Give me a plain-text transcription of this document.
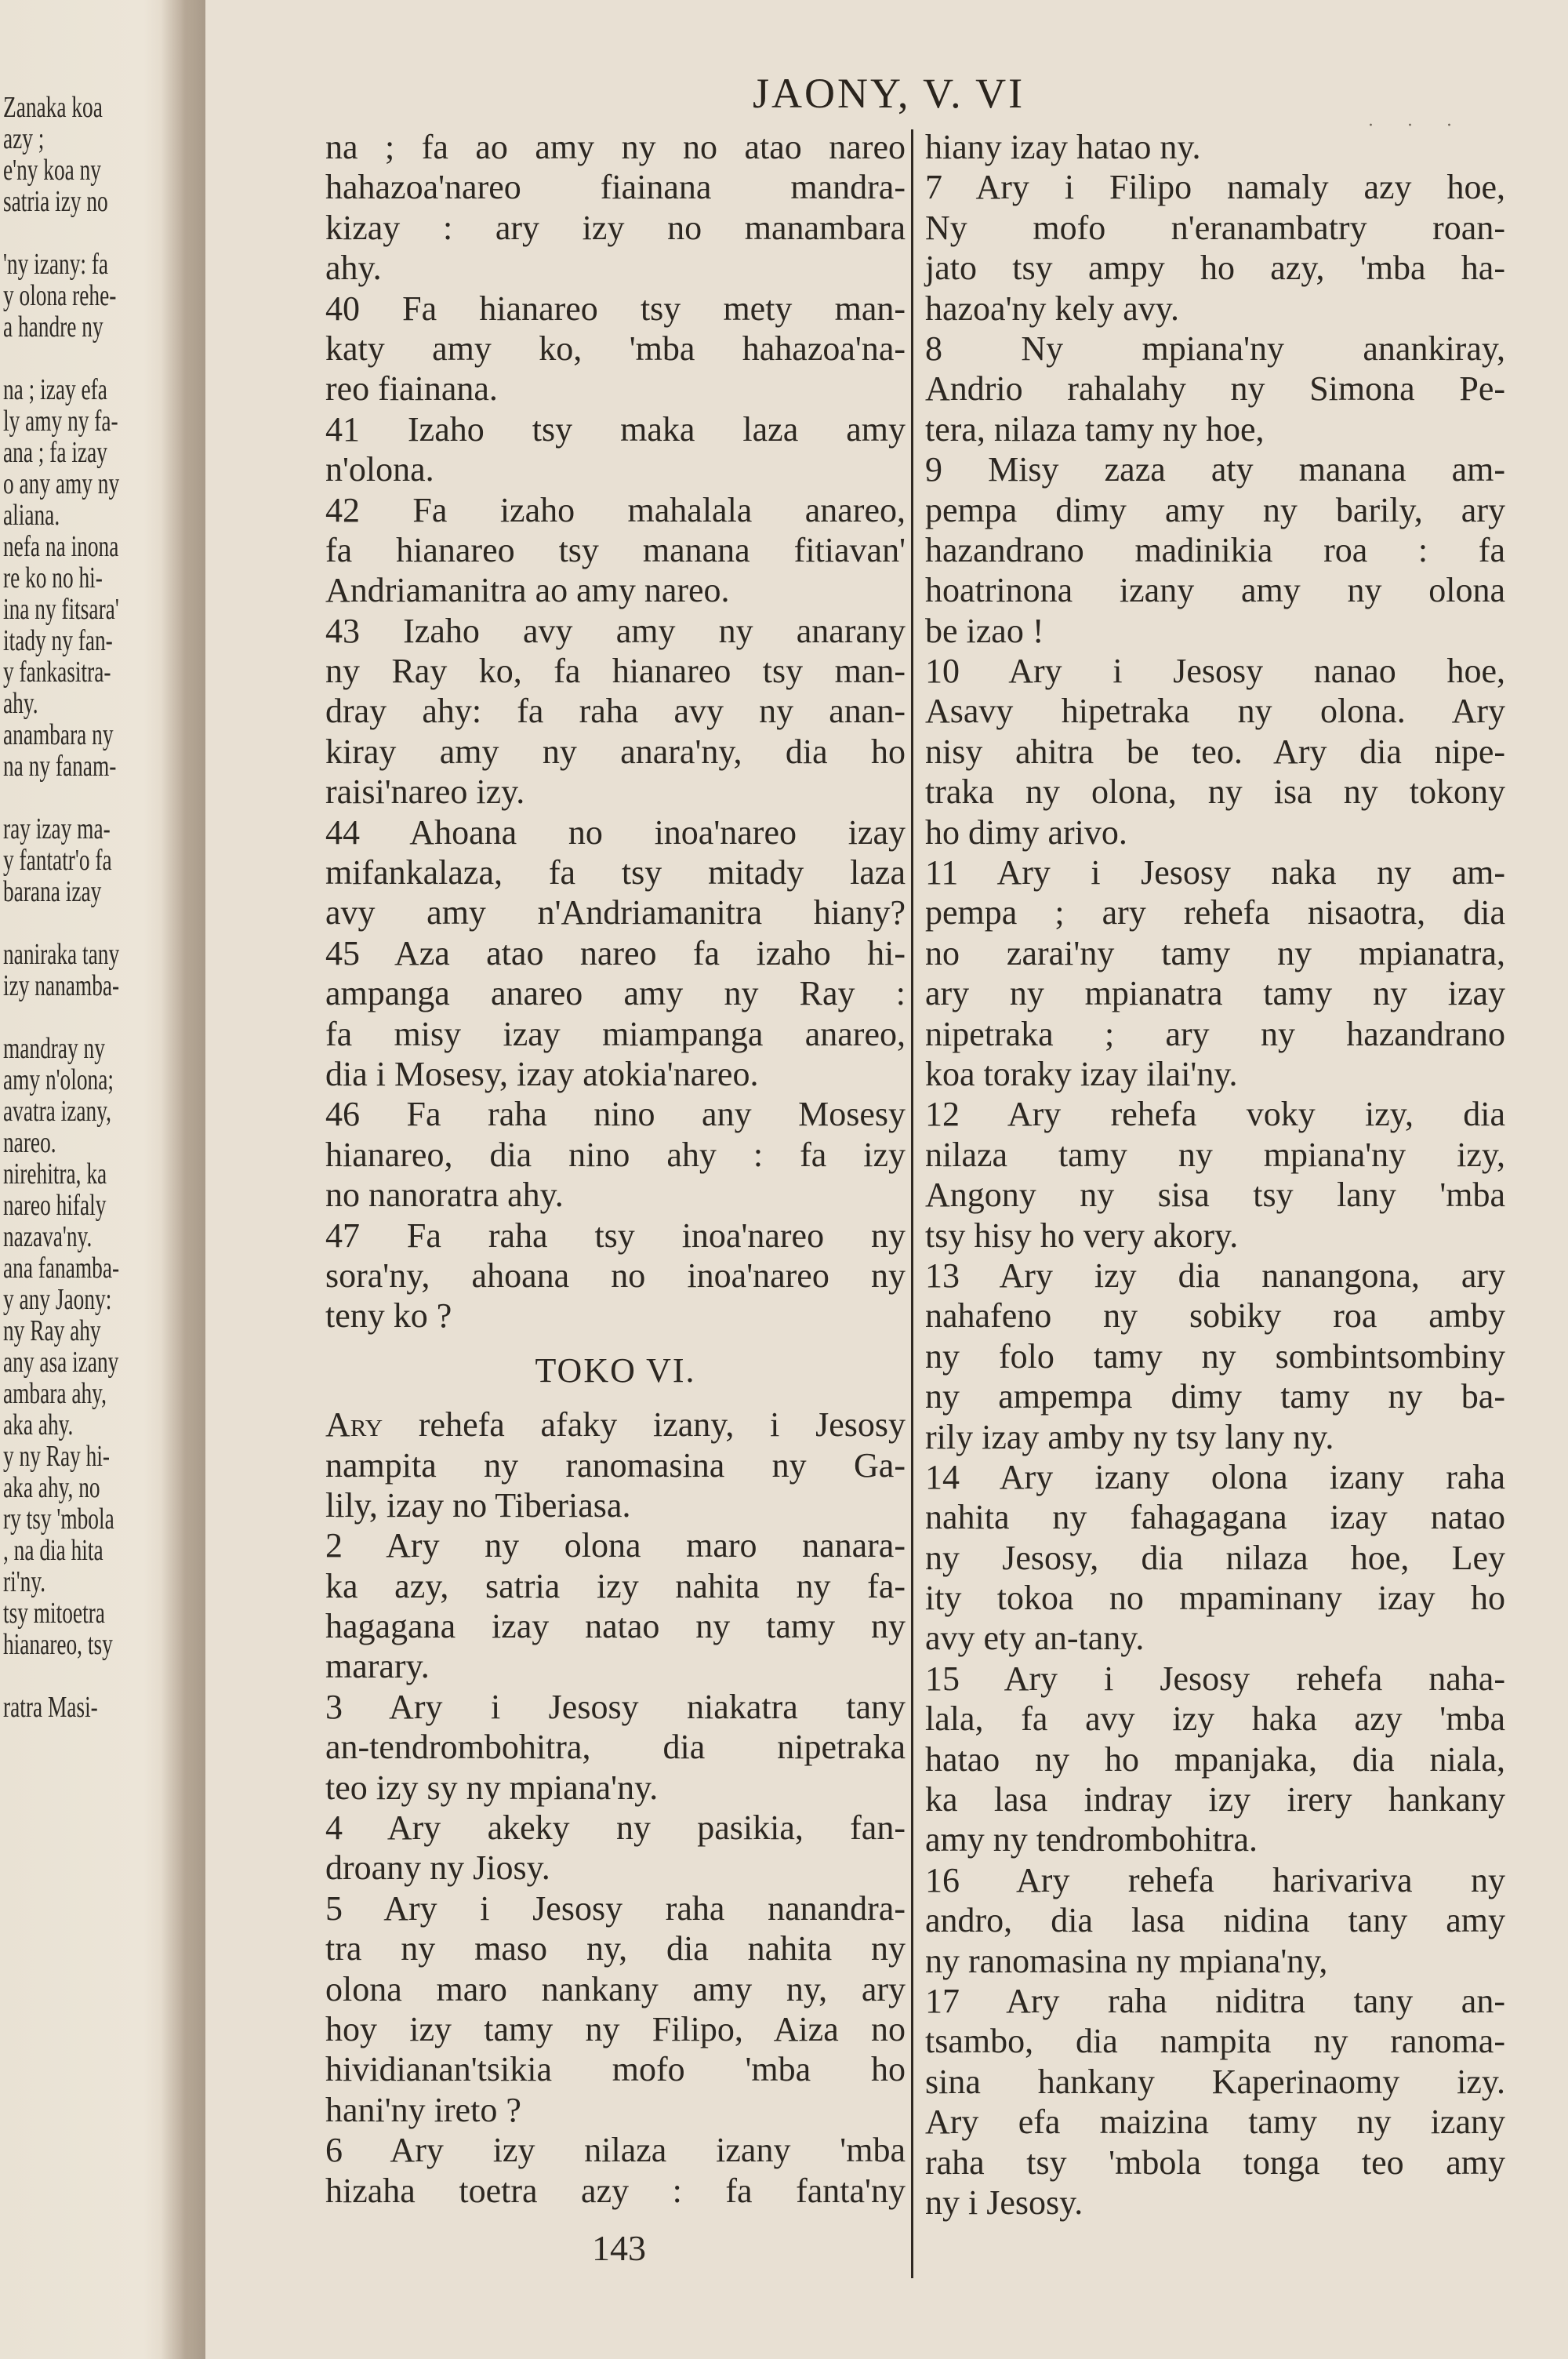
Zanaka koa
azy ;
e'ny koa ny
satria izy no
'ny izany: fa
y olona rehe-
a handre ny
na ; izay efa
ly amy ny fa-
ana ; fa izay
o any amy ny
aliana.
nefa na inona
re ko no hi-
ina ny fitsara'
itady ny fan-
y fankasitra-
ahy.
anambara ny
na ny fanam-
ray izay ma-
y fantatr'o fa
barana izay
naniraka tany
izy nanamba-
mandray ny
amy n'olona;
avatra izany,
nareo.
nirehitra, ka
nareo hifaly
nazava'ny.
ana fanamba-
y any Jaony:
ny Ray ahy
any asa izany
ambara ahy,
aka ahy.
y ny Ray hi-
aka ahy, no
ry tsy 'mbola
, na dia hita
ri'ny.
tsy mitoetra
hianareo, tsy
ratra Masi-
JAONY, V. VI
· · ·
na ; fa ao amy ny no atao nareo
hahazoa'nareo fiainana mandra-
kizay : ary izy no manambara
ahy.
40 Fa hianareo tsy mety man-
katy amy ko, 'mba hahazoa'na-
reo fiainana.
41 Izaho tsy maka laza amy
n'olona.
42 Fa izaho mahalala anareo,
fa hianareo tsy manana fitiavan'
Andriamanitra ao amy nareo.
43 Izaho avy amy ny anarany
ny Ray ko, fa hianareo tsy man-
dray ahy: fa raha avy ny anan-
kiray amy ny anara'ny, dia ho
raisi'nareo izy.
44 Ahoana no inoa'nareo izay
mifankalaza, fa tsy mitady laza
avy amy n'Andriamanitra hiany?
45 Aza atao nareo fa izaho hi-
ampanga anareo amy ny Ray :
fa misy izay miampanga anareo,
dia i Mosesy, izay atokia'nareo.
46 Fa raha nino any Mosesy
hianareo, dia nino ahy : fa izy
no nanoratra ahy.
47 Fa raha tsy inoa'nareo ny
sora'ny, ahoana no inoa'nareo ny
teny ko ?
TOKO VI.
Ary rehefa afaky izany, i Jesosy
nampita ny ranomasina ny Ga-
lily, izay no Tiberiasa.
2 Ary ny olona maro nanara-
ka azy, satria izy nahita ny fa-
hagagana izay natao ny tamy ny
marary.
3 Ary i Jesosy niakatra tany
an-tendrombohitra, dia nipetraka
teo izy sy ny mpiana'ny.
4 Ary akeky ny pasikia, fan-
droany ny Jiosy.
5 Ary i Jesosy raha nanandra-
tra ny maso ny, dia nahita ny
olona maro nankany amy ny, ary
hoy izy tamy ny Filipo, Aiza no
hividianan'tsikia mofo 'mba ho
hani'ny ireto ?
6 Ary izy nilaza izany 'mba
hizaha toetra azy : fa fanta'ny
hiany izay hatao ny.
7 Ary i Filipo namaly azy hoe,
Ny mofo n'eranambatry roan-
jato tsy ampy ho azy, 'mba ha-
hazoa'ny kely avy.
8 Ny mpiana'ny anankiray,
Andrio rahalahy ny Simona Pe-
tera, nilaza tamy ny hoe,
9 Misy zaza aty manana am-
pempa dimy amy ny barily, ary
hazandrano madinikia roa : fa
hoatrinona izany amy ny olona
be izao !
10 Ary i Jesosy nanao hoe,
Asavy hipetraka ny olona. Ary
nisy ahitra be teo. Ary dia nipe-
traka ny olona, ny isa ny tokony
ho dimy arivo.
11 Ary i Jesosy naka ny am-
pempa ; ary rehefa nisaotra, dia
no zarai'ny tamy ny mpianatra,
ary ny mpianatra tamy ny izay
nipetraka ; ary ny hazandrano
koa toraky izay ilai'ny.
12 Ary rehefa voky izy, dia
nilaza tamy ny mpiana'ny izy,
Angony ny sisa tsy lany 'mba
tsy hisy ho very akory.
13 Ary izy dia nanangona, ary
nahafeno ny sobiky roa amby
ny folo tamy ny sombintsombiny
ny ampempa dimy tamy ny ba-
rily izay amby ny tsy lany ny.
14 Ary izany olona izany raha
nahita ny fahagagana izay natao
ny Jesosy, dia nilaza hoe, Ley
ity tokoa no mpaminany izay ho
avy ety an-tany.
15 Ary i Jesosy rehefa naha-
lala, fa avy izy haka azy 'mba
hatao ny ho mpanjaka, dia niala,
ka lasa indray izy irery hankany
amy ny tendrombohitra.
16 Ary rehefa harivariva ny
andro, dia lasa nidina tany amy
ny ranomasina ny mpiana'ny,
17 Ary raha niditra tany an-
tsambo, dia nampita ny ranoma-
sina hankany Kaperinaomy izy.
Ary efa maizina tamy ny izany
raha tsy 'mbola tonga teo amy
ny i Jesosy.
143
